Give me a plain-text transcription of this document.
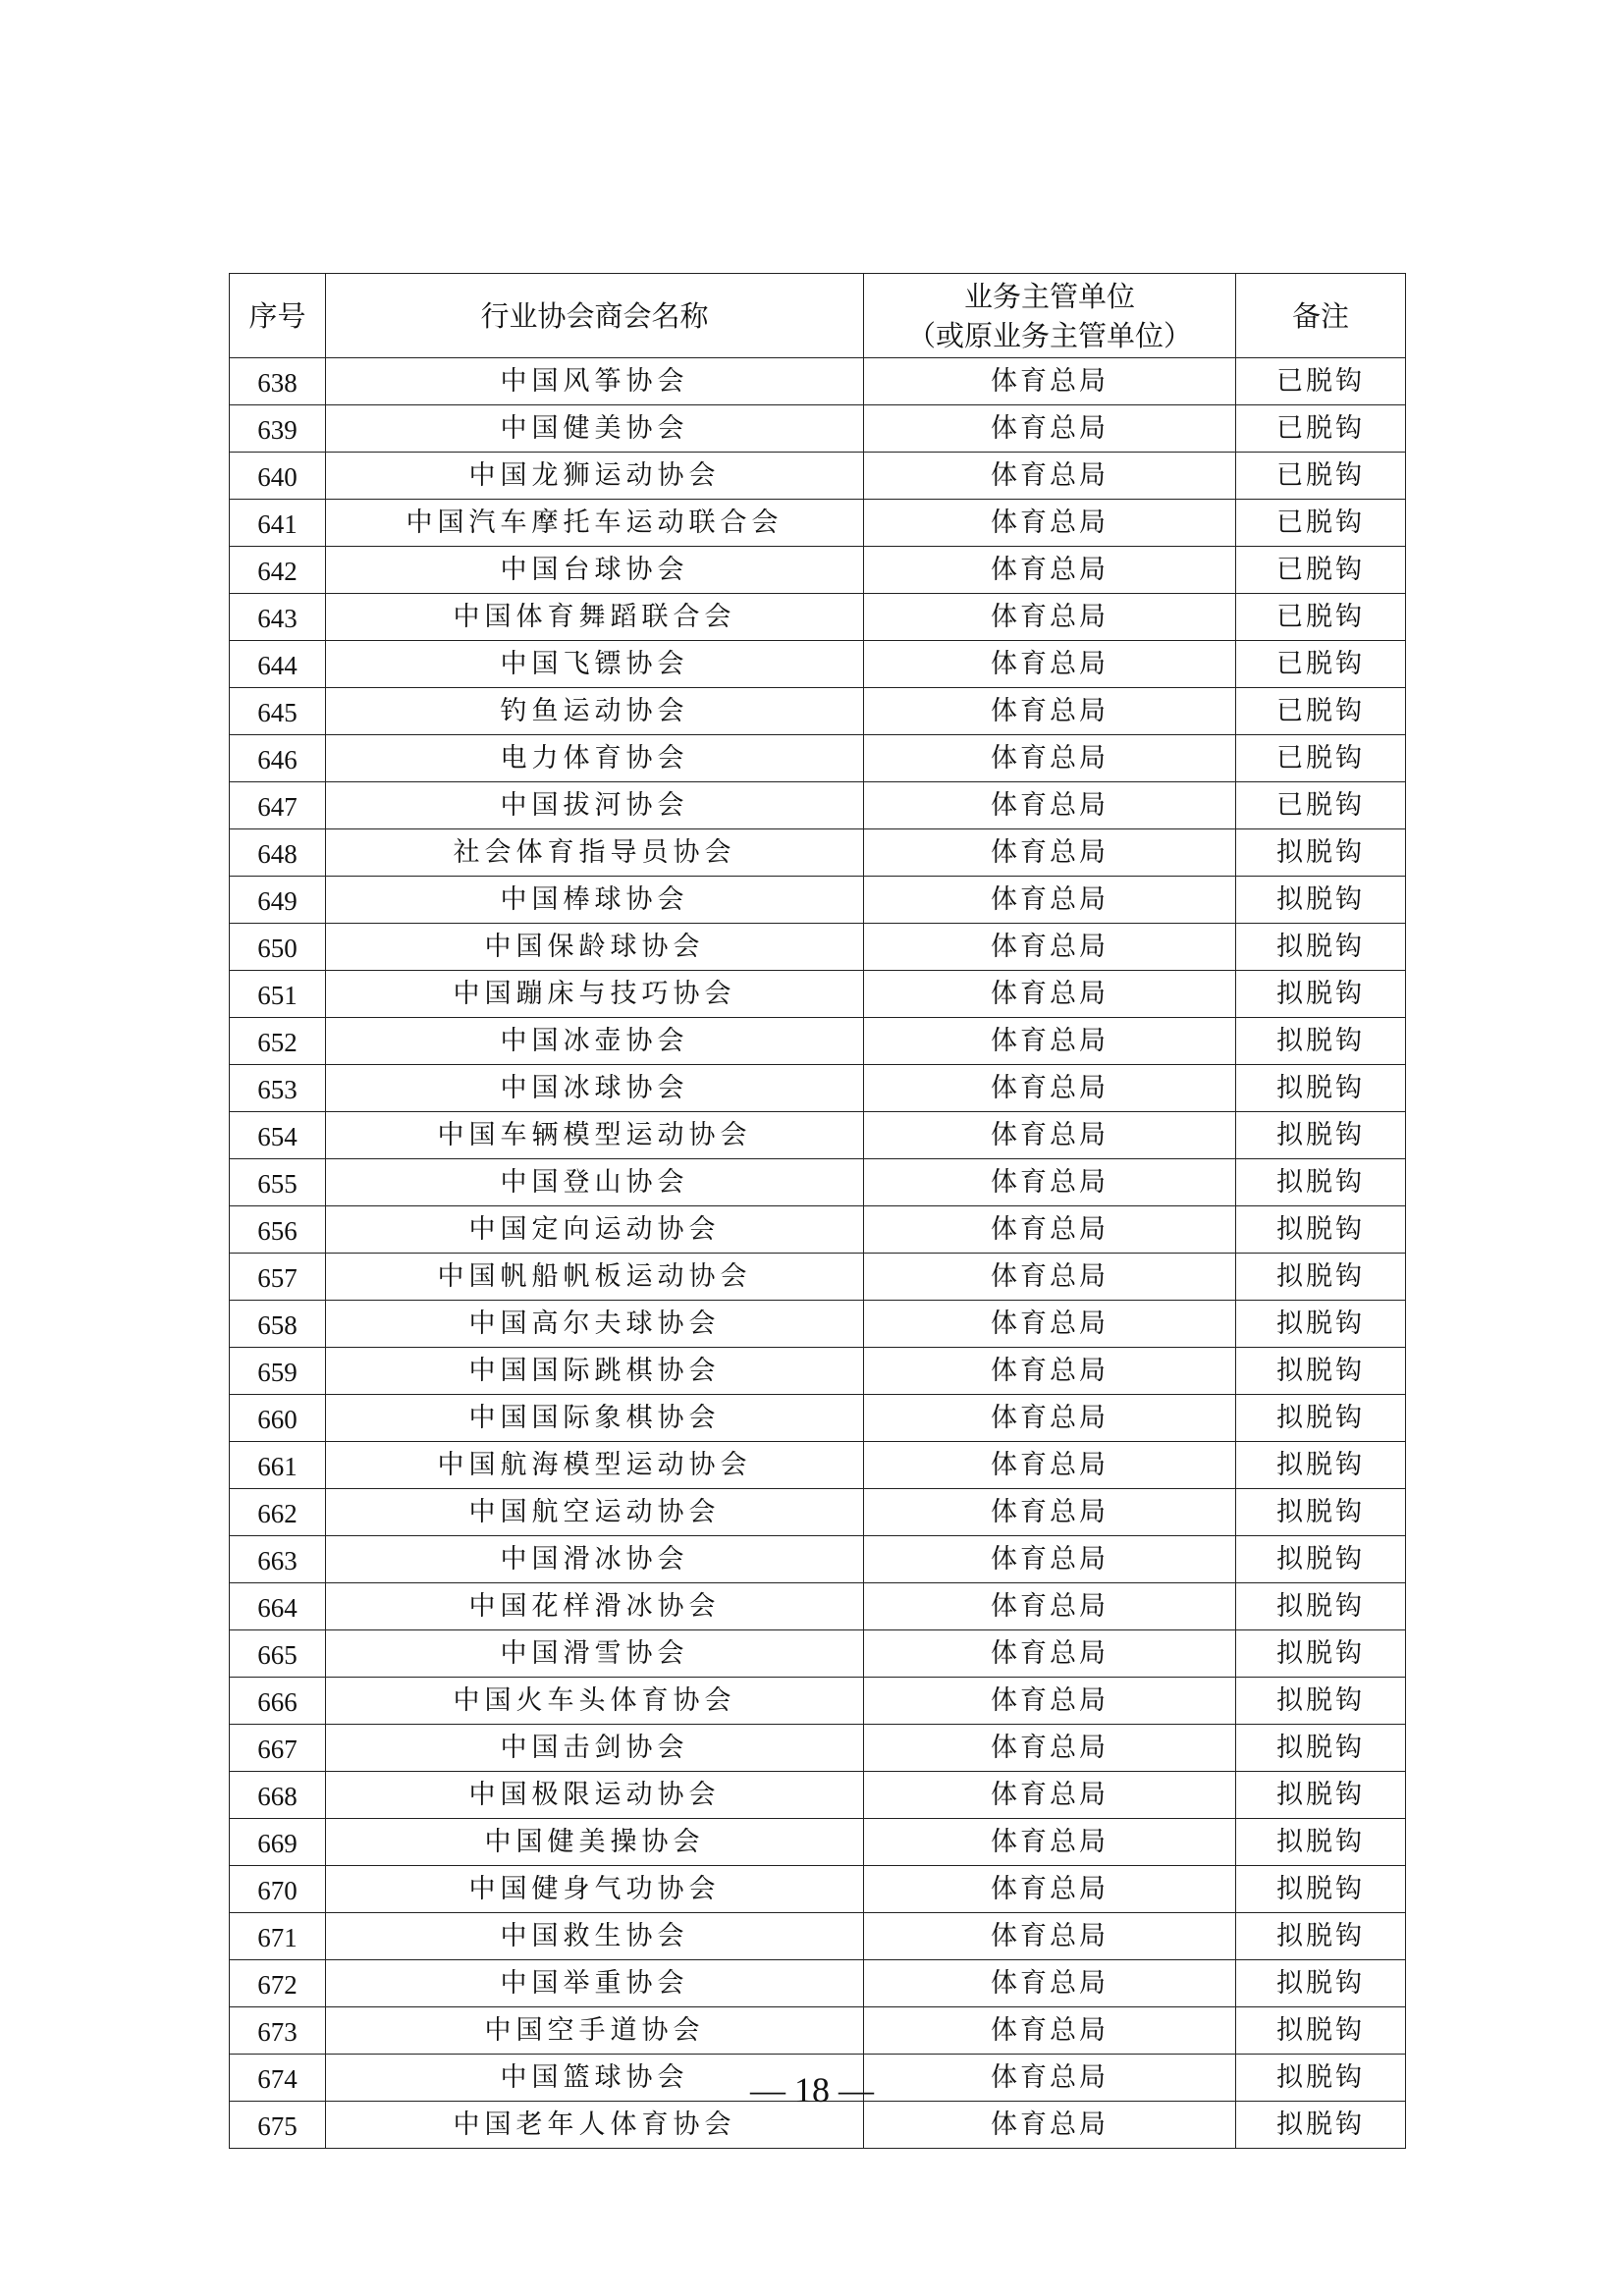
序号	行业协会商会名称	业务主管单位
（或原业务主管单位）	备注
638	中国风筝协会	体育总局	已脱钩
639	中国健美协会	体育总局	已脱钩
640	中国龙狮运动协会	体育总局	已脱钩
641	中国汽车摩托车运动联合会	体育总局	已脱钩
642	中国台球协会	体育总局	已脱钩
643	中国体育舞蹈联合会	体育总局	已脱钩
644	中国飞镖协会	体育总局	已脱钩
645	钓鱼运动协会	体育总局	已脱钩
646	电力体育协会	体育总局	已脱钩
647	中国拔河协会	体育总局	已脱钩
648	社会体育指导员协会	体育总局	拟脱钩
649	中国棒球协会	体育总局	拟脱钩
650	中国保龄球协会	体育总局	拟脱钩
651	中国蹦床与技巧协会	体育总局	拟脱钩
652	中国冰壶协会	体育总局	拟脱钩
653	中国冰球协会	体育总局	拟脱钩
654	中国车辆模型运动协会	体育总局	拟脱钩
655	中国登山协会	体育总局	拟脱钩
656	中国定向运动协会	体育总局	拟脱钩
657	中国帆船帆板运动协会	体育总局	拟脱钩
658	中国高尔夫球协会	体育总局	拟脱钩
659	中国国际跳棋协会	体育总局	拟脱钩
660	中国国际象棋协会	体育总局	拟脱钩
661	中国航海模型运动协会	体育总局	拟脱钩
662	中国航空运动协会	体育总局	拟脱钩
663	中国滑冰协会	体育总局	拟脱钩
664	中国花样滑冰协会	体育总局	拟脱钩
665	中国滑雪协会	体育总局	拟脱钩
666	中国火车头体育协会	体育总局	拟脱钩
667	中国击剑协会	体育总局	拟脱钩
668	中国极限运动协会	体育总局	拟脱钩
669	中国健美操协会	体育总局	拟脱钩
670	中国健身气功协会	体育总局	拟脱钩
671	中国救生协会	体育总局	拟脱钩
672	中国举重协会	体育总局	拟脱钩
673	中国空手道协会	体育总局	拟脱钩
674	中国篮球协会	体育总局	拟脱钩
675	中国老年人体育协会	体育总局	拟脱钩
— 18 —
